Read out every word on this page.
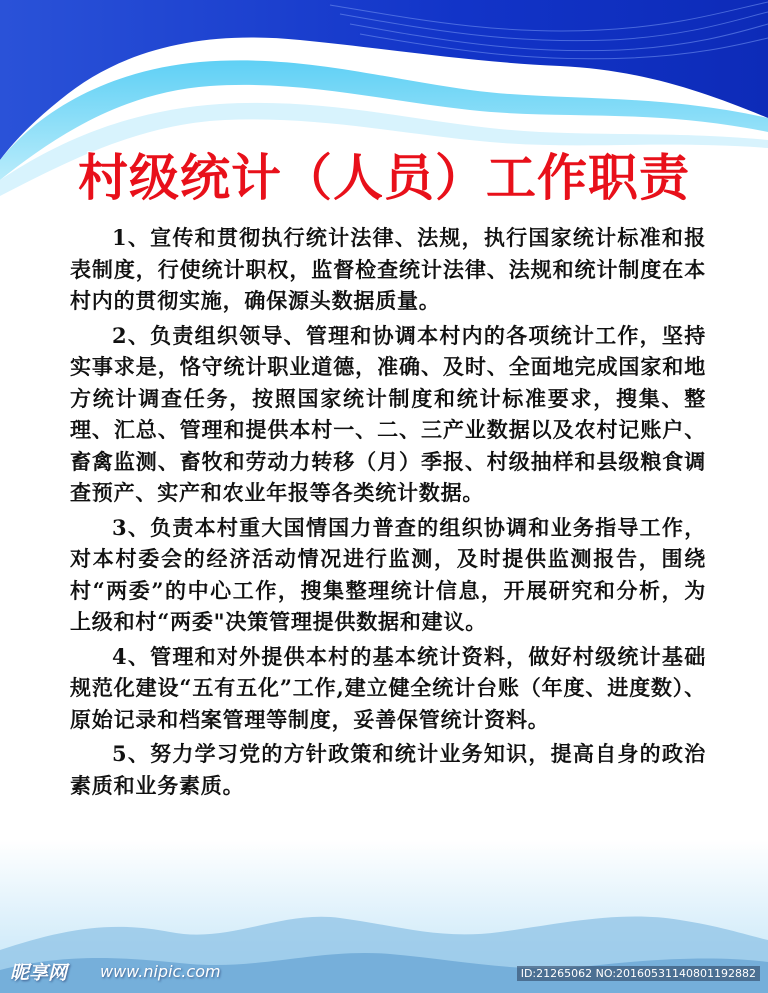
村级统计（人员）工作职责

1、宣传和贯彻执行统计法律、法规，执行国家统计标准和报表制度，行使统计职权，监督检查统计法律、法规和统计制度在本村内的贯彻实施，确保源头数据质量。

2、负责组织领导、管理和协调本村内的各项统计工作，坚持实事求是，恪守统计职业道德，准确、及时、全面地完成国家和地方统计调查任务，按照国家统计制度和统计标准要求，搜集、整理、汇总、管理和提供本村一、二、三产业数据以及农村记账户、畜禽监测、畜牧和劳动力转移（月）季报、村级抽样和县级粮食调查预产、实产和农业年报等各类统计数据。

3、负责本村重大国情国力普查的组织协调和业务指导工作，对本村委会的经济活动情况进行监测，及时提供监测报告，围绕村“两委”的中心工作，搜集整理统计信息，开展研究和分析，为上级和村“两委"决策管理提供数据和建议。

4、管理和对外提供本村的基本统计资料，做好村级统计基础规范化建设“五有五化”工作,建立健全统计台账（年度、进度数）、原始记录和档案管理等制度，妥善保管统计资料。

5、努力学习党的方针政策和统计业务知识，提高自身的政治素质和业务素质。

昵享网 www.nipic.com	ID:21265062 NO:20160531140801192882
